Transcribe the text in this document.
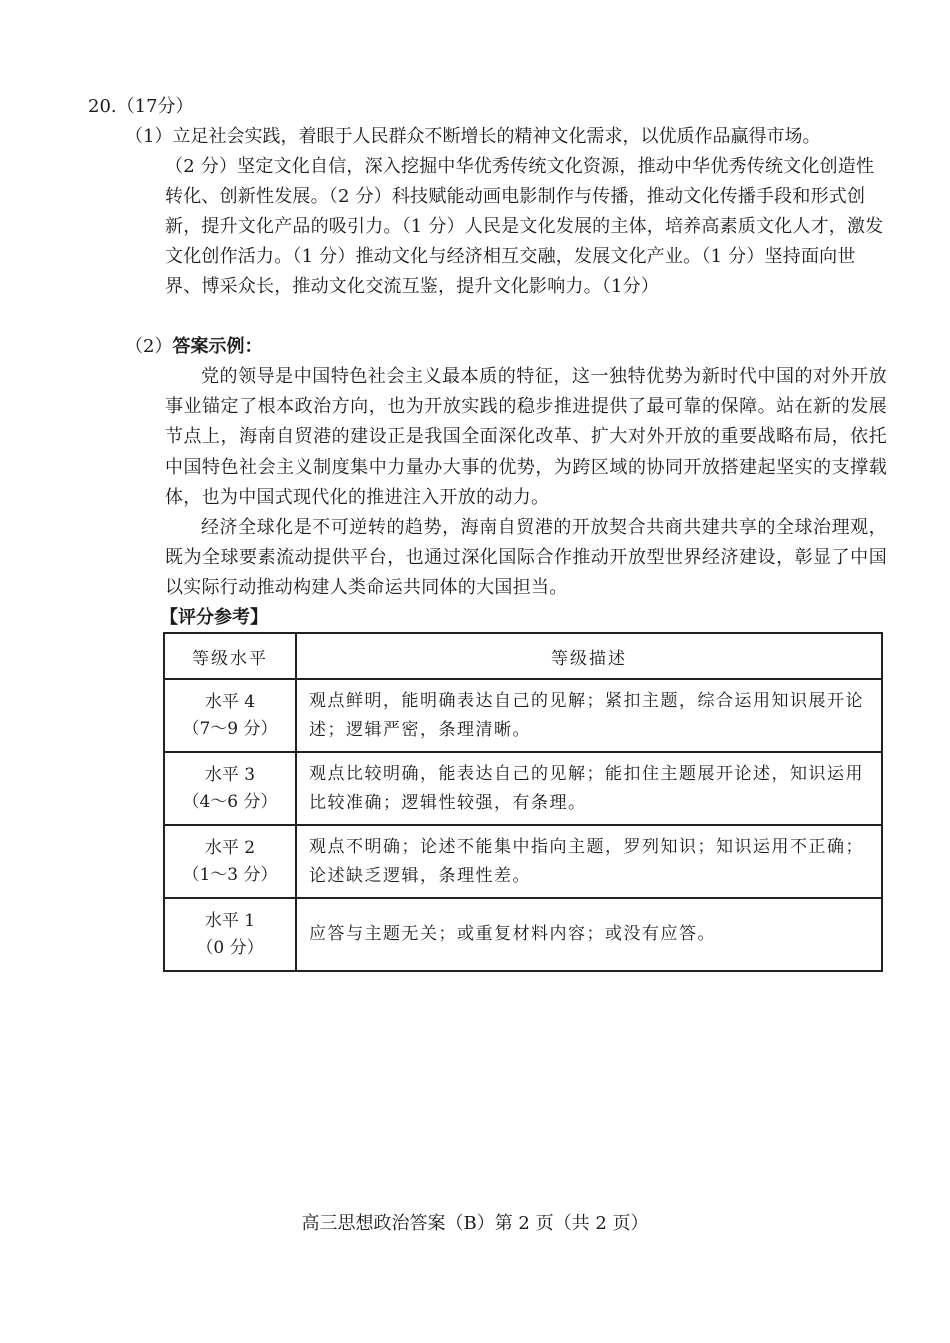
20.（17分）
（1）立足社会实践，着眼于人民群众不断增长的精神文化需求，以优质作品赢得市场。
（2 分）坚定文化自信，深入挖掘中华优秀传统文化资源，推动中华优秀传统文化创造性转化、创新性发展。（2 分）科技赋能动画电影制作与传播，推动文化传播手段和形式创新，提升文化产品的吸引力。（1 分）人民是文化发展的主体，培养高素质文化人才，激发文化创作活力。（1 分）推动文化与经济相互交融，发展文化产业。（1 分）坚持面向世界、博采众长，推动文化交流互鉴，提升文化影响力。（1分）
（2）答案示例：

党的领导是中国特色社会主义最本质的特征，这一独特优势为新时代中国的对外开放事业锚定了根本政治方向，也为开放实践的稳步推进提供了最可靠的保障。站在新的发展节点上，海南自贸港的建设正是我国全面深化改革、扩大对外开放的重要战略布局，依托中国特色社会主义制度集中力量办大事的优势，为跨区域的协同开放搭建起坚实的支撑载体，也为中国式现代化的推进注入开放的动力。

经济全球化是不可逆转的趋势，海南自贸港的开放契合共商共建共享的全球治理观，既为全球要素流动提供平台，也通过深化国际合作推动开放型世界经济建设，彰显了中国以实际行动推动构建人类命运共同体的大国担当。

【评分参考】
等级水平	等级描述

水平 4
（7～9 分）	观点鲜明，能明确表达自己的见解；紧扣主题，综合运用知识展开论述；逻辑严密，条理清晰。

水平 3
（4～6 分）	观点比较明确，能表达自己的见解；能扣住主题展开论述，知识运用比较准确；逻辑性较强，有条理。

水平 2
（1～3 分）	观点不明确；论述不能集中指向主题，罗列知识；知识运用不正确；论述缺乏逻辑，条理性差。

水平 1
（0 分）	应答与主题无关；或重复材料内容；或没有应答。
高三思想政治答案（B）第 2 页（共 2 页）
